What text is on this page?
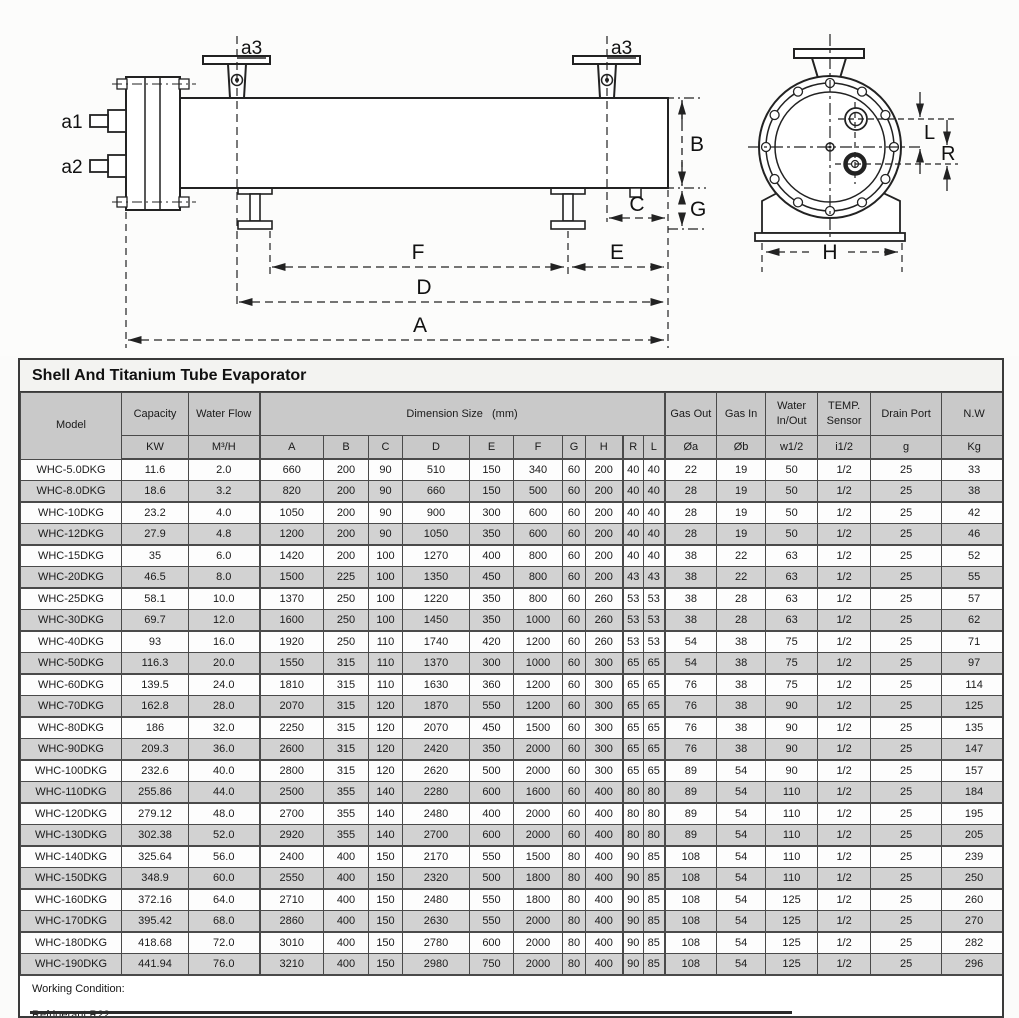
a1
a2
a3	a3
B
G
C
F	E
D
A
L
R
H
Shell And Titanium Tube Evaporator
Model	Capacity	Water Flow	Dimension Size   (mm)										Gas Out	Gas In	Water In/Out	TEMP. Sensor	Drain Port	N.W
	KW	M³/H	A	B	C	D	E	F	G	H	R	L	Øa	Øb	w1/2	i1/2	g	Kg
WHC-5.0DKG	11.6	2.0	660	200	90	510	150	340	60	200	40	40	22	19	50	1/2	25	33
WHC-8.0DKG	18.6	3.2	820	200	90	660	150	500	60	200	40	40	28	19	50	1/2	25	38
WHC-10DKG	23.2	4.0	1050	200	90	900	300	600	60	200	40	40	28	19	50	1/2	25	42
WHC-12DKG	27.9	4.8	1200	200	90	1050	350	600	60	200	40	40	28	19	50	1/2	25	46
WHC-15DKG	35	6.0	1420	200	100	1270	400	800	60	200	40	40	38	22	63	1/2	25	52
WHC-20DKG	46.5	8.0	1500	225	100	1350	450	800	60	200	43	43	38	22	63	1/2	25	55
WHC-25DKG	58.1	10.0	1370	250	100	1220	350	800	60	260	53	53	38	28	63	1/2	25	57
WHC-30DKG	69.7	12.0	1600	250	100	1450	350	1000	60	260	53	53	38	28	63	1/2	25	62
WHC-40DKG	93	16.0	1920	250	110	1740	420	1200	60	260	53	53	54	38	75	1/2	25	71
WHC-50DKG	116.3	20.0	1550	315	110	1370	300	1000	60	300	65	65	54	38	75	1/2	25	97
WHC-60DKG	139.5	24.0	1810	315	110	1630	360	1200	60	300	65	65	76	38	75	1/2	25	114
WHC-70DKG	162.8	28.0	2070	315	120	1870	550	1200	60	300	65	65	76	38	90	1/2	25	125
WHC-80DKG	186	32.0	2250	315	120	2070	450	1500	60	300	65	65	76	38	90	1/2	25	135
WHC-90DKG	209.3	36.0	2600	315	120	2420	350	2000	60	300	65	65	76	38	90	1/2	25	147
WHC-100DKG	232.6	40.0	2800	315	120	2620	500	2000	60	300	65	65	89	54	90	1/2	25	157
WHC-110DKG	255.86	44.0	2500	355	140	2280	600	1600	60	400	80	80	89	54	110	1/2	25	184
WHC-120DKG	279.12	48.0	2700	355	140	2480	400	2000	60	400	80	80	89	54	110	1/2	25	195
WHC-130DKG	302.38	52.0	2920	355	140	2700	600	2000	60	400	80	80	89	54	110	1/2	25	205
WHC-140DKG	325.64	56.0	2400	400	150	2170	550	1500	80	400	90	85	108	54	110	1/2	25	239
WHC-150DKG	348.9	60.0	2550	400	150	2320	500	1800	80	400	90	85	108	54	110	1/2	25	250
WHC-160DKG	372.16	64.0	2710	400	150	2480	550	1800	80	400	90	85	108	54	125	1/2	25	260
WHC-170DKG	395.42	68.0	2860	400	150	2630	550	2000	80	400	90	85	108	54	125	1/2	25	270
WHC-180DKG	418.68	72.0	3010	400	150	2780	600	2000	80	400	90	85	108	54	125	1/2	25	282
WHC-190DKG	441.94	76.0	3210	400	150	2980	750	2000	80	400	90	85	108	54	125	1/2	25	296
Working Condition:
